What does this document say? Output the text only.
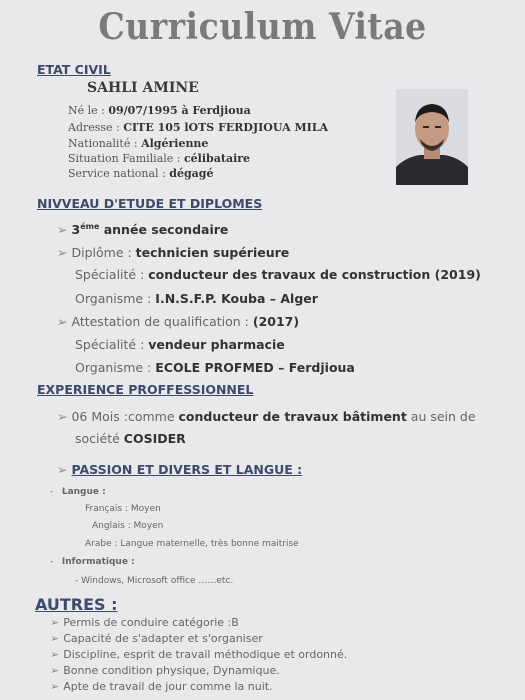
Curriculum Vitae
ETAT CIVIL
SAHLI AMINE
Né le : 09/07/1995 à Ferdjioua
Adresse : CITE 105 lOTS FERDJIOUA MILA
Nationalité : Algérienne
Situation Familiale : célibataire
Service national : dégagé
NIVVEAU D'ETUDE ET DIPLOMES
➢ $3^{éme}$ année secondaire
➢ Diplôme : technicien supérieure
Spécialité : conducteur des travaux de construction (2019)
Organisme : I.N.S.F.P. Kouba – Alger
➢ Attestation de qualification : (2017)
Spécialité : vendeur pharmacie
Organisme : ECOLE PROFMED – Ferdjioua
EXPERIENCE PROFFESSIONNEL
➢ 06 Mois :comme conducteur de travaux bâtiment au sein de
société COSIDER
➢ PASSION ET DIVERS ET LANGUE :
-   Langue :
Français : Moyen
Anglais : Moyen
Arabe : Langue maternelle, très bonne maitrise
-   Informatique :
- Windows, Microsoft office ……etc.
AUTRES :
➢ Permis de conduire catégorie :B
➢ Capacité de s'adapter et s'organiser
➢ Discipline, esprit de travail méthodique et ordonné.
➢ Bonne condition physique, Dynamique.
➢ Apte de travail de jour comme la nuit.
